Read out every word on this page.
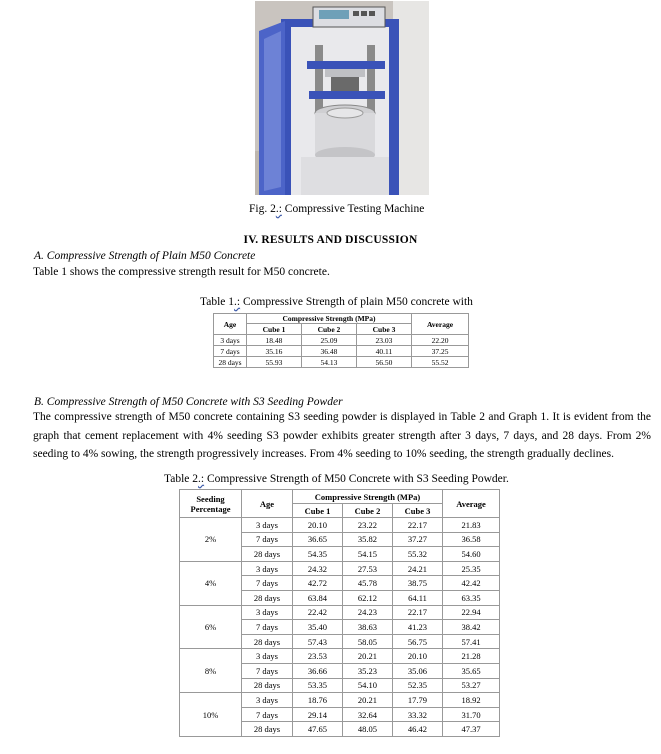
Fig. 2.: Compressive Testing Machine
IV. RESULTS AND DISCUSSION
A. Compressive Strength of Plain M50 Concrete
Table 1 shows the compressive strength result for M50 concrete.
Table 1.: Compressive Strength of plain M50 concrete with
Age	Compressive Strength (MPa)			Average
	Cube 1	Cube 2	Cube 3	
3 days	18.48	25.09	23.03	22.20
7 days	35.16	36.48	40.11	37.25
28 days	55.93	54.13	56.50	55.52
B. Compressive Strength of M50 Concrete with S3 Seeding Powder
The compressive strength of M50 concrete containing S3 seeding powder is displayed in Table 2 and Graph 1. It is evident from the graph that cement replacement with 4% seeding S3 powder exhibits greater strength after 3 days, 7 days, and 28 days. From 2% seeding to 4% sowing, the strength progressively increases. From 4% seeding to 10% seeding, the strength gradually declines.
Table 2.: Compressive Strength of M50 Concrete with S3 Seeding Powder.
Seeding
Percentage	Age	Compressive Strength (MPa)			Average
		Cube 1	Cube 2	Cube 3	
2%	3 days	20.10	23.22	22.17	21.83
	7 days	36.65	35.82	37.27	36.58
	28 days	54.35	54.15	55.32	54.60
4%	3 days	24.32	27.53	24.21	25.35
	7 days	42.72	45.78	38.75	42.42
	28 days	63.84	62.12	64.11	63.35
6%	3 days	22.42	24.23	22.17	22.94
	7 days	35.40	38.63	41.23	38.42
	28 days	57.43	58.05	56.75	57.41
8%	3 days	23.53	20.21	20.10	21.28
	7 days	36.66	35.23	35.06	35.65
	28 days	53.35	54.10	52.35	53.27
10%	3 days	18.76	20.21	17.79	18.92
	7 days	29.14	32.64	33.32	31.70
	28 days	47.65	48.05	46.42	47.37
